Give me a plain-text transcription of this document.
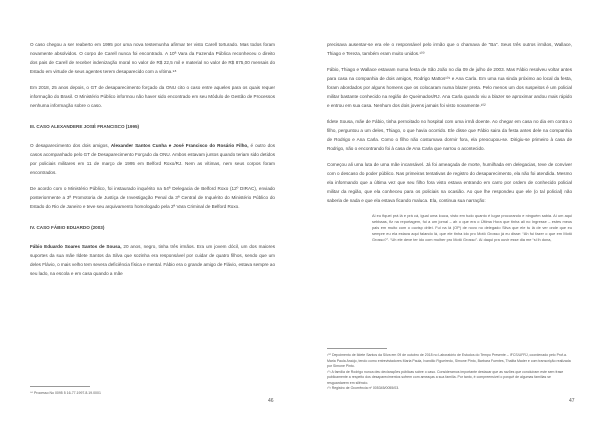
O caso chegou a ser reaberto em 1995 por uma nova testemunha afirmar ter visto Carell torturado. Mas todos foram novamente absolvidos. O corpo de Carell nunca foi encontrado. A 10ª Vara da Fazenda Pública reconheceu o direito dos pais de Carell de receber indenização moral no valor de R$ 22,5 mil e material no valor de R$ 875,00 mensais do Estado em virtude de seus agentes terem desaparecido com a vítima.⁹⁸

Em 2018, 25 anos depois, o GT de desaparecimento forçado da ONU cito o caso entre aqueles para os quais requer informação do Brasil. O Ministério Público informou não haver sido encontrado em seu Módulo de Gestão de Processos nenhuma informação sobre o caso.

III. CASO ALEXANDERE JOSÉ FRANCISCO (1995)

O desaparecimento dos dois amigos, Alexander Santos Cunha e José Francisco do Rosário Filho, é outro dos casos acompanhado pelo GT de Desaparecimento Forçado da ONU. Ambos estavam juntos quando teriam sido detidos por policiais militares em 11 de março de 1995 em Belford Roxo/RJ. Nem as vítimas, nem seus corpos foram encontrados.

De acordo com o Ministério Público, foi instaurado inquérito na 54ª Delegacia de Belford Roxo (12º DIRAC), enviado posteriormente a 3ª Promotoria de Justiça de Investigação Penal da 3ª Central de Inquérito do Ministério Público do Estado do Rio de Janeiro e teve seu arquivamento homologado pela 2ª Vara Criminal de Belford Roxo.

IV. CASO FÁBIO EDUARDO (2003)

Fábio Eduardo Soares Santos de Sousa, 20 anos, negro, tinha três irmãos. Era um jovem dócil, um dos maiores suportes da sua mãe Ildete Santos da Silva que sozinha era responsável por cuidar de quatro filhos, sendo que um deles Flávio, o mais velho tem severa deficiência física e mental. Fábio era o grande amigo de Flávio, estava sempre ao seu lado, na escola e em casa quando a mãe

⁹⁸ Processo No 0095 5 16-77.1997.8.19.0001

46

precisava ausentar-se era ele o responsável pelo irmão que o chamava de "Ba". Seus três outros irmãos, Wallace, Thiago e Tereza, também eram muito unidos.¹⁰⁰

Fábio, Thiago e Wallace estavam numa festa de São João no dia 09 de julho de 2003. Mas Fábio resolveu voltar antes para casa na companhia de dois amigos, Rodrigo Mattos¹⁰¹ e Ana Carla. Em uma rua sinda próximo ao local da festa, foram abordados por alguns homens que os colocaram numa blazer preta. Pelo menos um dos suspeitos é um policial militar bastante conhecido na região de Queimados/RJ. Ana Carla quando viu a blazer se aproximar andou mais rápido e entrou em sua casa. Nenhum dos dois jovens jamais foi visto novamente.¹⁰²

Ildete Sousa, mãe de Fábio, tinha pernoitado no hospital com uma irmã doente. Ao chegar em casa no dia em contra o filho, perguntou a um deles, Thiago, o que havia ocorrido. Ele disse que Fábio saira da festa antes dele na companhia de Rodrigo e Ana Carla. Como o filho não costumava dormir fora, ela preocupou-se. Dirigiu-se primeiro à casa de Rodrigo, não o encontrando foi à casa de Ana Carla que narrou o acontecido.

Começou ali uma luta de uma mãe incansável. Já foi ameaçada de morte, humilhada em delegacias, teve de conviver com o descaso do poder público. Nas primeiras tentativas de registro do desaparecimento, ela não foi atendida. Mesmo ela informando que a última vez que seu filho fora visto estava entrando em carro por ordem de conhecido policial militar da região, que ela conheceu para os policiais na ocasião. Ao que lhe respondeu que ele (o tal policial) não saberia de nada e que ela estava ficando maluca. Ela, continua sua narração:

Ai eu fiquei prá lá e prá cá, igual uma louca, visto em tudo quanto é lugar procurando e ninguém sabia. Aí um aqui sebbaas, fiz na reportagem, fui a um jornal – ah o que era o Última Hora que tinha ali no Ingresse – estes meus pais em muito com o ouvisp drilei. Fui na lá (OP) de novo no delegado Silva que ele tu lá de ver onde que eu sempre eu ela estava aqui falando lá, que ele tinha ido pro Motô Grosso já eu disse: “Ah fui fazer o que em Motô Grosso?”. “Uh ele deve ter ido com mulher pro Motô Grosso”. Aí daqui pra ouvir esse dia me “si lh dona,

¹⁰⁰ Depoimento de Ildete Santos da Silva em 09 de outubro de 2018 no Laboratório de Estudos do Tempo Presente – IFCS/UFRJ, coordenado pelo Prof.a. Maria Paula Araújo, tendo como entrevistadores Maria Paula, Ivandilo Figueiredo, Simone Pinto, Barbara Fuentes, Thalita Mader e com transcrição realizada por Simone Pinto.

¹⁰¹ A família de Rodrigo nunca deu declarações públicas sobre o caso. Consideramos importante destacar que as razões que concluíram este sem frase publicamente a respeito dos desaparecimentos sofrem com ameaças a sua família. Por tanto, é compreensível o porquê de algumas famílias se resguardarem em silêncio.

¹⁰² Registro de Ocorrência nº 005345/0055/03.

47
